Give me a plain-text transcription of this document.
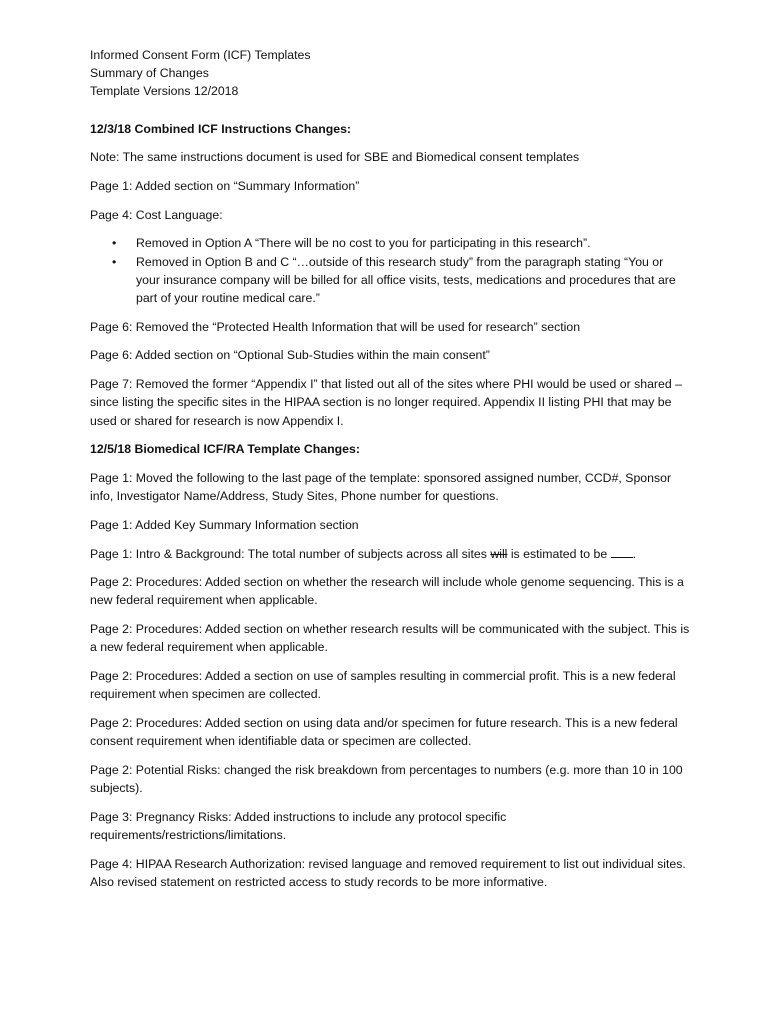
Informed Consent Form (ICF) Templates

Summary of Changes

Template Versions 12/2018

12/3/18 Combined ICF Instructions Changes:

Note: The same instructions document is used for SBE and Biomedical consent templates

Page 1: Added section on “Summary Information”

Page 4: Cost Language:

• Removed in Option A “There will be no cost to you for participating in this research”.
• Removed in Option B and C “…outside of this research study” from the paragraph stating “You or your insurance company will be billed for all office visits, tests, medications and procedures that are part of your routine medical care.”

Page 6: Removed the “Protected Health Information that will be used for research” section

Page 6: Added section on “Optional Sub-Studies within the main consent”

Page 7: Removed the former “Appendix I” that listed out all of the sites where PHI would be used or shared – since listing the specific sites in the HIPAA section is no longer required. Appendix II listing PHI that may be used or shared for research is now Appendix I.

12/5/18 Biomedical ICF/RA Template Changes:

Page 1: Moved the following to the last page of the template: sponsored assigned number, CCD#, Sponsor info, Investigator Name/Address, Study Sites, Phone number for questions.

Page 1: Added Key Summary Information section

Page 1: Intro & Background: The total number of subjects across all sites will is estimated to be .

Page 2: Procedures: Added section on whether the research will include whole genome sequencing. This is a new federal requirement when applicable.

Page 2: Procedures: Added section on whether research results will be communicated with the subject. This is a new federal requirement when applicable.

Page 2: Procedures: Added a section on use of samples resulting in commercial profit. This is a new federal requirement when specimen are collected.

Page 2: Procedures: Added section on using data and/or specimen for future research. This is a new federal consent requirement when identifiable data or specimen are collected.

Page 2: Potential Risks: changed the risk breakdown from percentages to numbers (e.g. more than 10 in 100 subjects).

Page 3: Pregnancy Risks: Added instructions to include any protocol specific requirements/restrictions/limitations.

Page 4: HIPAA Research Authorization: revised language and removed requirement to list out individual sites. Also revised statement on restricted access to study records to be more informative.
